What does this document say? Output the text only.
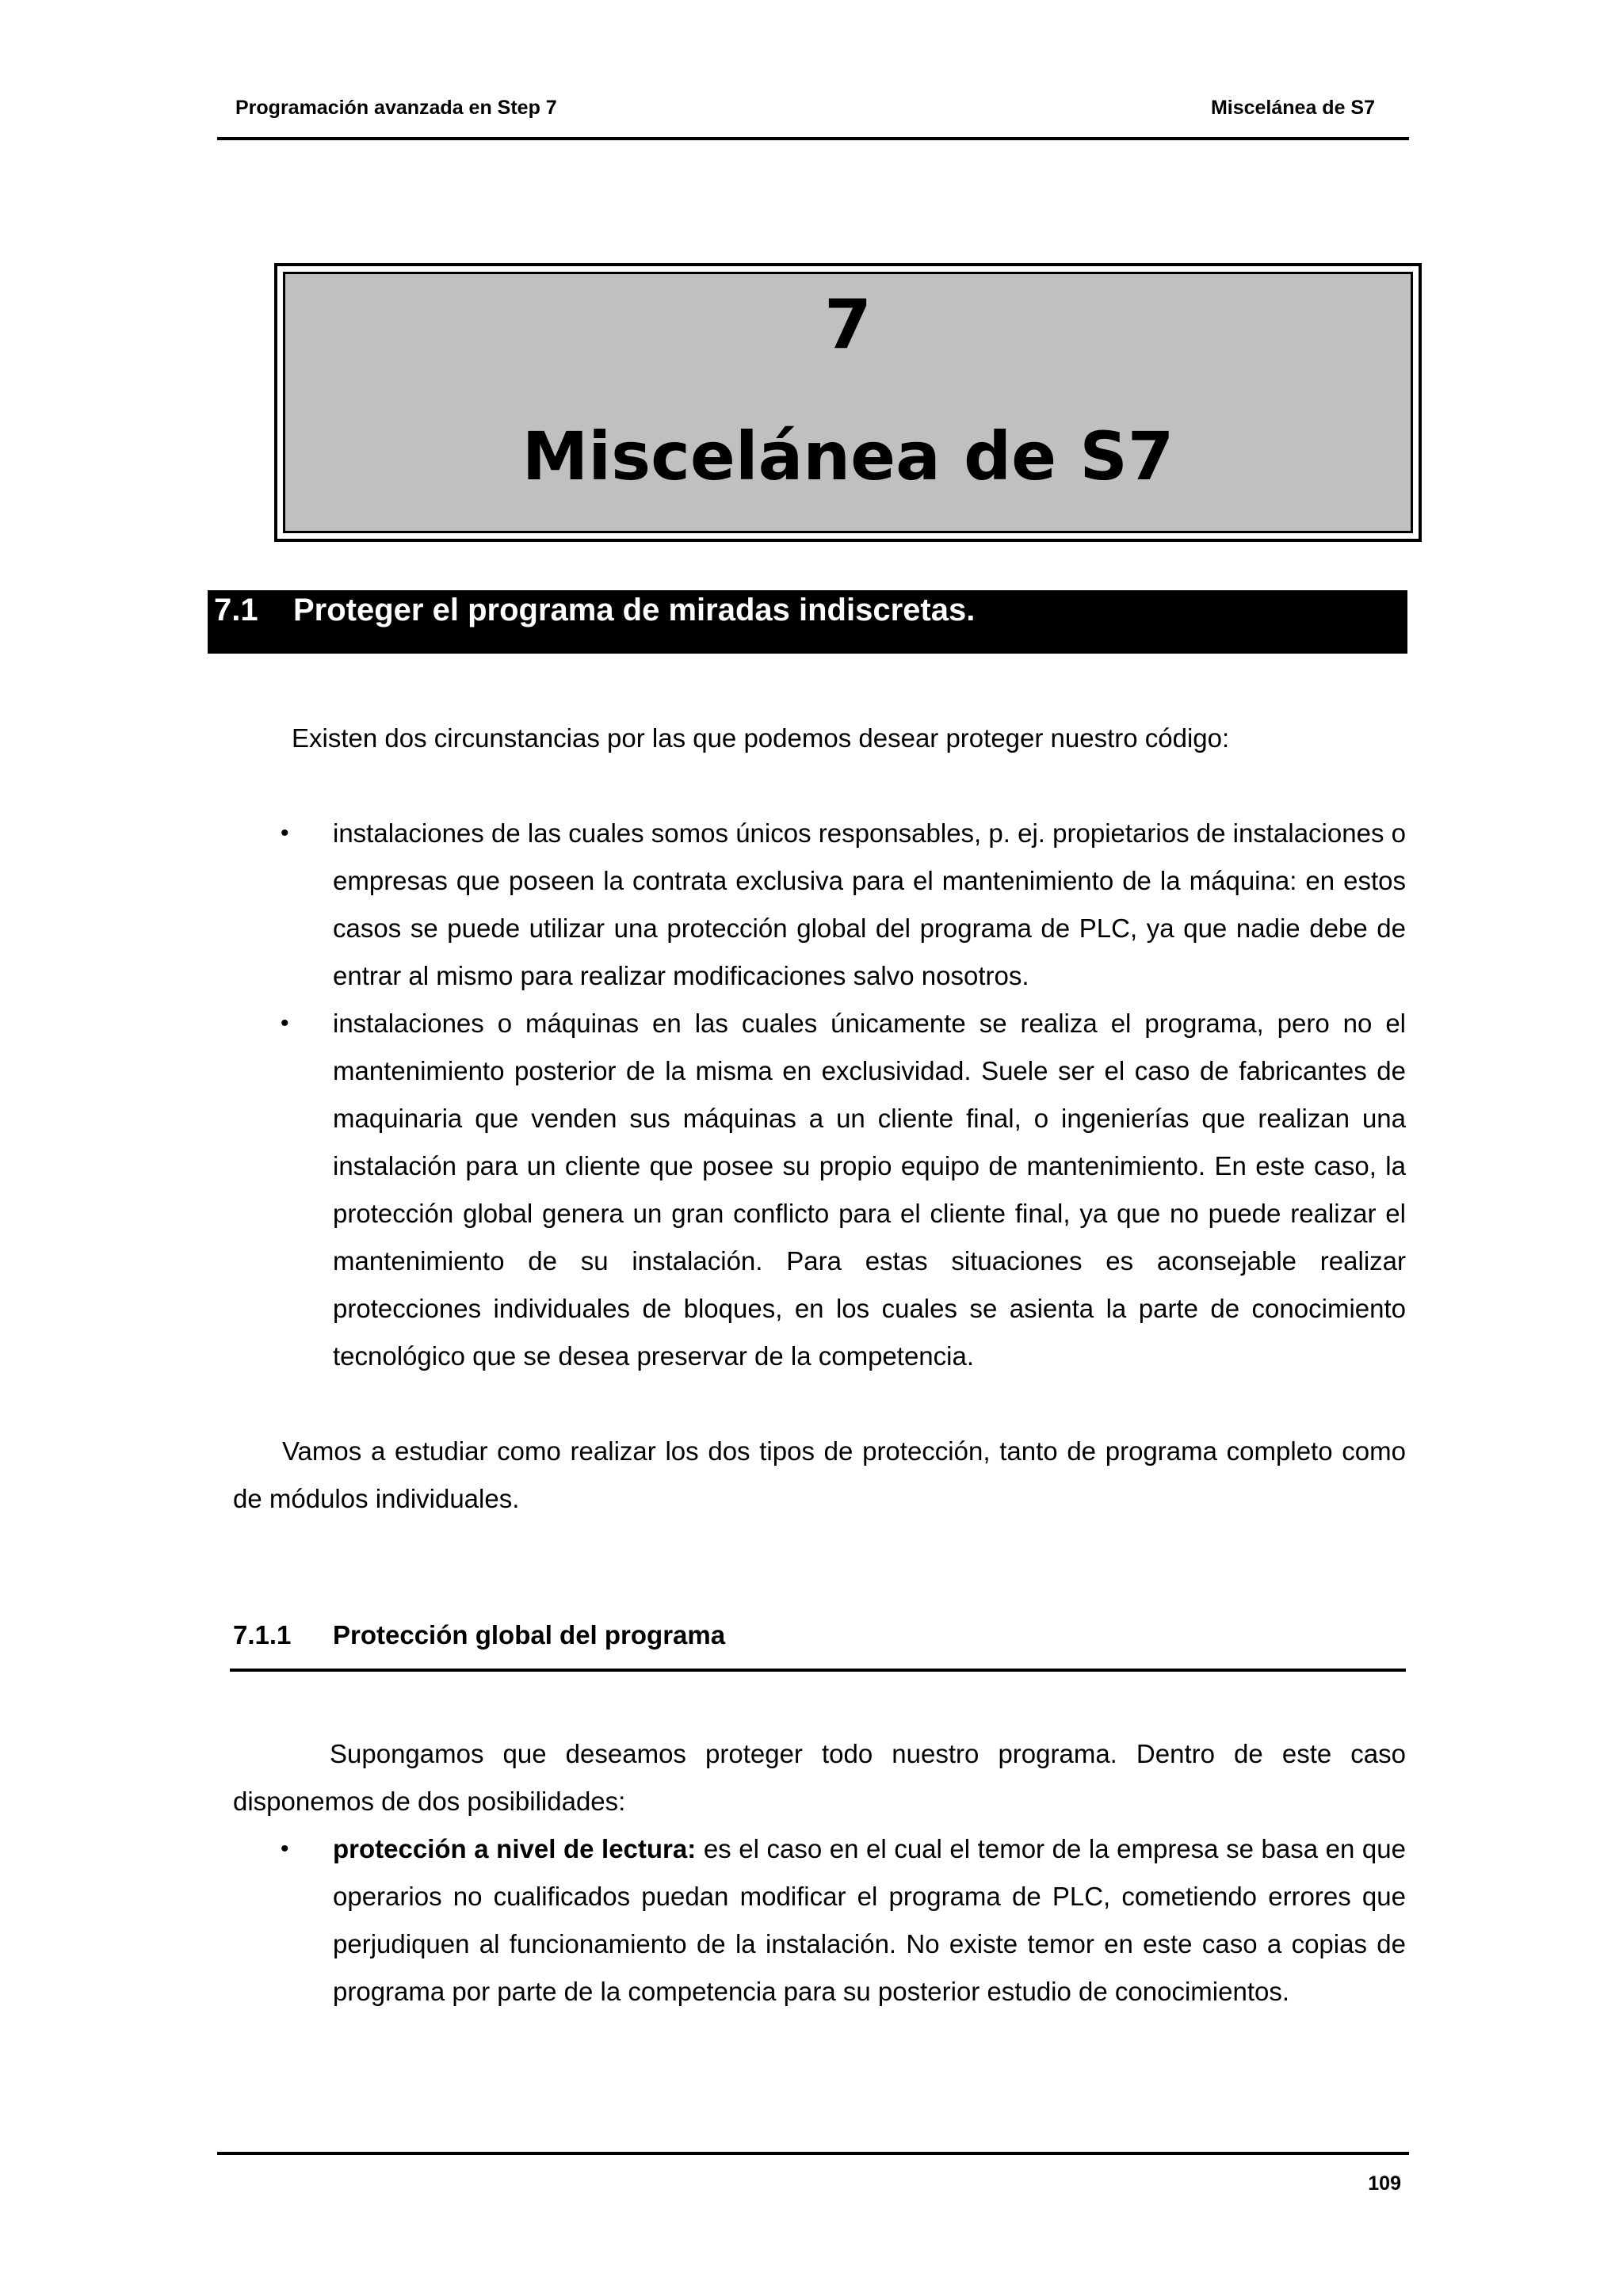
Programación avanzada en Step 7	Miscelánea de S7
7
Miscelánea de S7
7.1 Proteger el programa de miradas indiscretas.
Existen dos circunstancias por las que podemos desear proteger nuestro código:
• instalaciones de las cuales somos únicos responsables, p. ej. propietarios de instalaciones o empresas que poseen la contrata exclusiva para el mantenimiento de la máquina: en estos casos se puede utilizar una protección global del programa de PLC, ya que nadie debe de entrar al mismo para realizar modificaciones salvo nosotros.
• instalaciones o máquinas en las cuales únicamente se realiza el programa, pero no el mantenimiento posterior de la misma en exclusividad. Suele ser el caso de fabricantes de maquinaria que venden sus máquinas a un cliente final, o ingenierías que realizan una instalación para un cliente que posee su propio equipo de mantenimiento. En este caso, la protección global genera un gran conflicto para el cliente final, ya que no puede realizar el mantenimiento de su instalación. Para estas situaciones es aconsejable realizar protecciones individuales de bloques, en los cuales se asienta la parte de conocimiento tecnológico que se desea preservar de la competencia.
Vamos a estudiar como realizar los dos tipos de protección, tanto de programa completo como de módulos individuales.
7.1.1 Protección global del programa
Supongamos que deseamos proteger todo nuestro programa. Dentro de este caso disponemos de dos posibilidades:
• protección a nivel de lectura: es el caso en el cual el temor de la empresa se basa en que operarios no cualificados puedan modificar el programa de PLC, cometiendo errores que perjudiquen al funcionamiento de la instalación. No existe temor en este caso a copias de programa por parte de la competencia para su posterior estudio de conocimientos.
109
